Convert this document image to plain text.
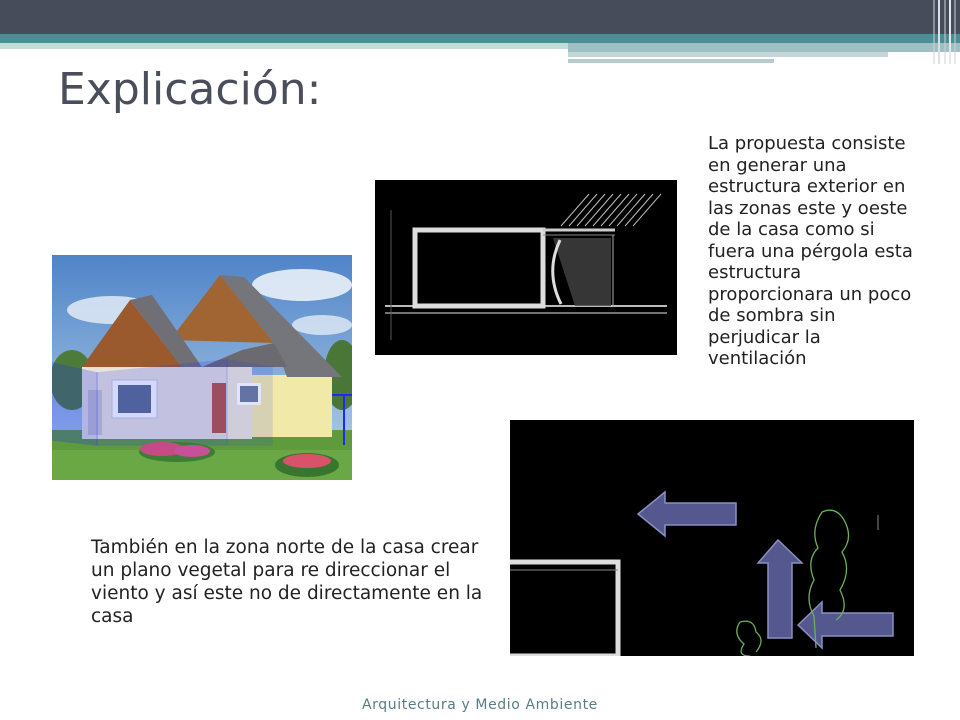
Explicación:
La propuesta consiste en generar una estructura exterior en las zonas este y oeste de la casa como si fuera una pérgola esta estructura proporcionara un poco de sombra sin perjudicar la ventilación
También en la zona norte de la casa crear un plano vegetal para re direccionar el viento y así este no de directamente en la casa
Arquitectura y Medio Ambiente
